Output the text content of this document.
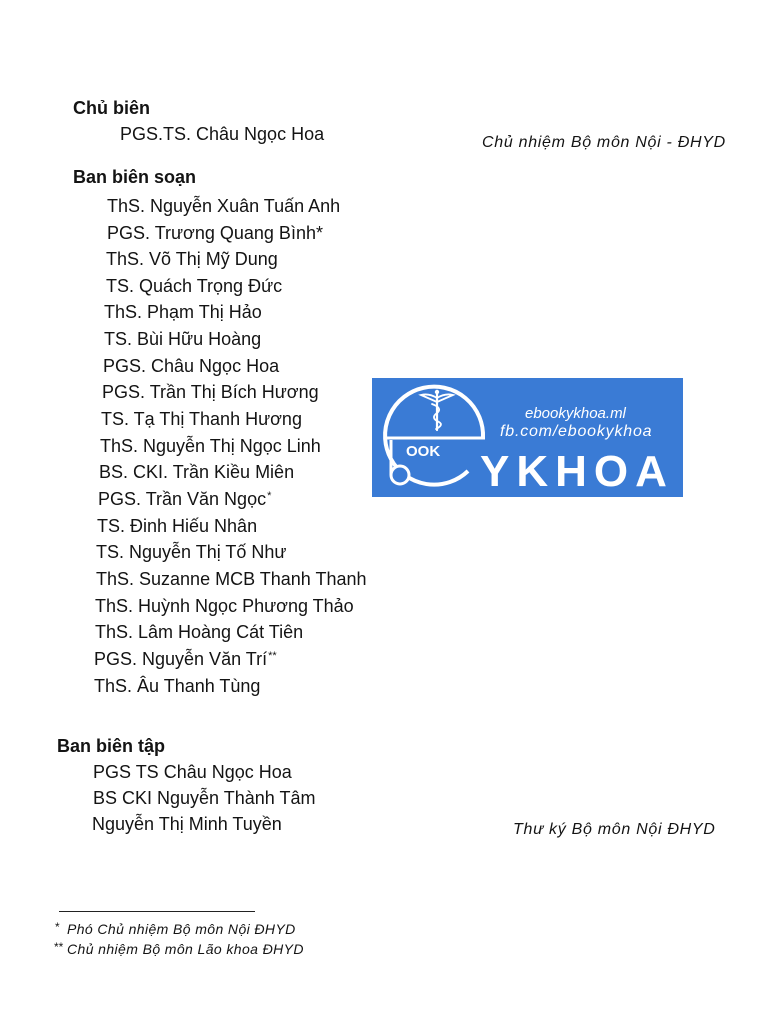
Chủ biên
PGS.TS. Châu Ngọc Hoa	Chủ nhiệm Bộ môn Nội - ĐHYD
Ban biên soạn
ThS. Nguyễn Xuân Tuấn Anh
PGS. Trương Quang Bình*
ThS. Võ Thị Mỹ Dung
TS. Quách Trọng Đức
ThS. Phạm Thị Hảo
TS. Bùi Hữu Hoàng
PGS. Châu Ngọc Hoa
PGS. Trần Thị Bích Hương
TS. Tạ Thị Thanh Hương
ThS. Nguyễn Thị Ngọc Linh
BS. CKI. Trần Kiều Miên
PGS. Trần Văn Ngọc*
TS. Đinh Hiếu Nhân
TS. Nguyễn Thị Tố Như
ThS. Suzanne MCB Thanh Thanh
ThS. Huỳnh Ngọc Phương Thảo
ThS. Lâm Hoàng Cát Tiên
PGS. Nguyễn Văn Trí**
ThS. Âu Thanh Tùng
Ban biên tập
PGS TS Châu Ngọc Hoa
BS CKI Nguyễn Thành Tâm
Nguyễn Thị Minh Tuyền	Thư ký Bộ môn Nội ĐHYD
* Phó Chủ nhiệm Bộ môn Nội ĐHYD
** Chủ nhiệm Bộ môn Lão khoa ĐHYD
OOK
ebookykhoa.ml
fb.com/ebookykhoa
YKHOA
